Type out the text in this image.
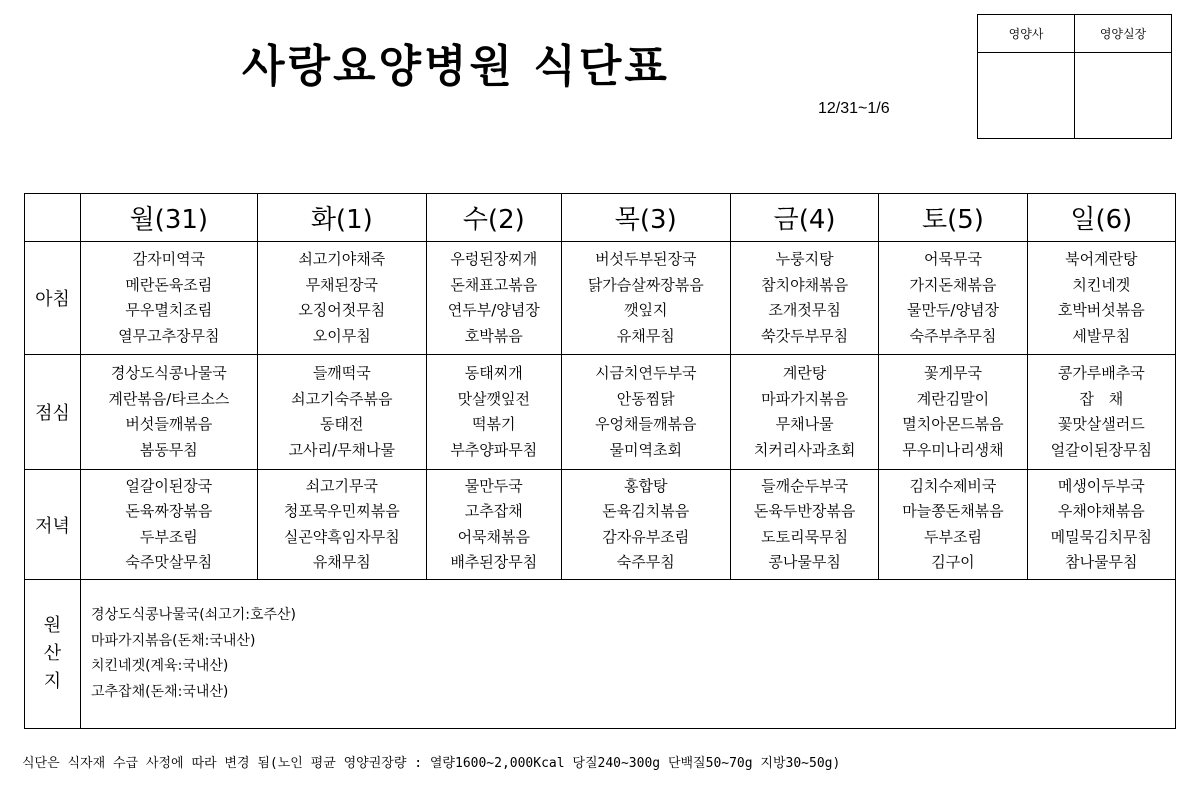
사랑요양병원 식단표
12/31~1/6
영양사	영양실장

	월(31)	화(1)	수(2)	목(3)	금(4)	토(5)	일(6)
아침	감자미역국
메란돈육조림
무우멸치조림
열무고추장무침	쇠고기야채죽
무채된장국
오징어젓무침
오이무침	우렁된장찌개
돈채표고볶음
연두부/양념장
호박볶음	버섯두부된장국
닭가슴살짜장볶음
깻잎지
유채무침	누룽지탕
참치야채볶음
조개젓무침
쑥갓두부무침	어묵무국
가지돈채볶음
물만두/양념장
숙주부추무침	북어계란탕
치킨네겟
호박버섯볶음
세발무침

점심	경상도식콩나물국
계란볶음/타르소스
버섯들깨볶음
봄동무침	들깨떡국
쇠고기숙주볶음
동태전
고사리/무채나물	동태찌개
맛살깻잎전
떡볶기
부추양파무침	시금치연두부국
안동찜닭
우엉채들깨볶음
물미역초회	계란탕
마파가지볶음
무채나물
치커리사과초회	꽃게무국
계란김말이
멸치아몬드볶음
무우미나리생채	콩가루배추국
잡　채
꽃맛살샐러드
얼갈이된장무침

저녁	얼갈이된장국
돈육짜장볶음
두부조림
숙주맛살무침	쇠고기무국
청포묵우민찌볶음
실곤약흑임자무침
유채무침	물만두국
고추잡채
어묵채볶음
배추된장무침	홍합탕
돈육김치볶음
감자유부조림
숙주무침	들깨순두부국
돈육두반장볶음
도토리묵무침
콩나물무침	김치수제비국
마늘쫑돈채볶음
두부조림
김구이	메생이두부국
우채야채볶음
메밀묵김치무침
참나물무침

원
산
지	경상도식콩나물국(쇠고기:호주산)
마파가지볶음(돈채:국내산)
치킨네겟(계육:국내산)
고추잡채(돈채:국내산)						
식단은 식자재 수급 사정에 따라 변경 됨(노인 평균 영양권장량 : 열량1600~2,000Kcal 당질240~300g 단백질50~70g 지방30~50g)
